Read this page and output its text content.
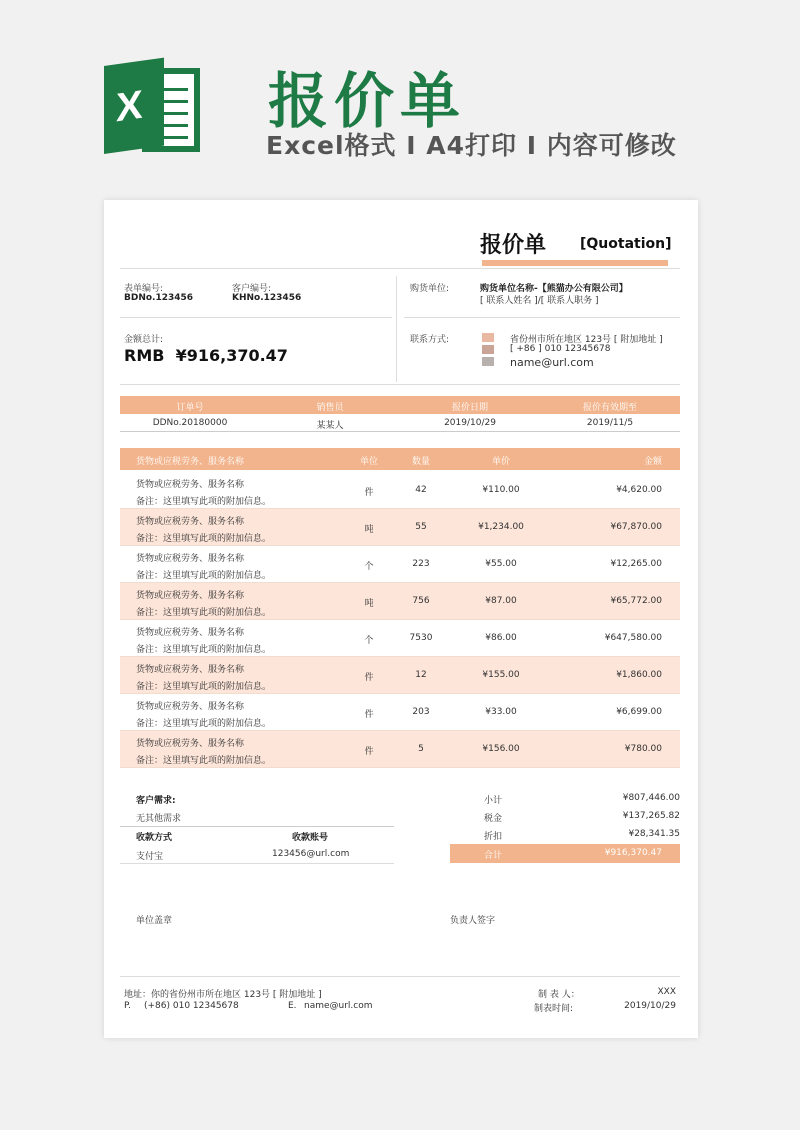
X 报价单
Excel格式 I A4打印 I 内容可修改
报价单 [Quotation]
表单编号:
BDNo.123456
客户编号:
KHNo.123456
金额总计:
RMB ¥916,370.47
购货单位:	购货单位名称-【熊猫办公有限公司】
[ 联系人姓名 ]/[ 联系人职务 ]
联系方式:	省份州市所在地区 123号 [ 附加地址 ]
[ +86 ] 010 12345678
name@url.com
订单号	销售员	报价日期	报价有效期至
DDNo.20180000	某某人	2019/10/29	2019/11/5
货物或应税劳务、服务名称	单位	数量	单价	金额
货物或应税劳务、服务名称
备注：这里填写此项的附加信息。
件	42	¥110.00	¥4,620.00
货物或应税劳务、服务名称
备注：这里填写此项的附加信息。
吨	55	¥1,234.00	¥67,870.00
货物或应税劳务、服务名称
备注：这里填写此项的附加信息。
个	223	¥55.00	¥12,265.00
货物或应税劳务、服务名称
备注：这里填写此项的附加信息。
吨	756	¥87.00	¥65,772.00
货物或应税劳务、服务名称
备注：这里填写此项的附加信息。
个	7530	¥86.00	¥647,580.00
货物或应税劳务、服务名称
备注：这里填写此项的附加信息。
件	12	¥155.00	¥1,860.00
货物或应税劳务、服务名称
备注：这里填写此项的附加信息。
件	203	¥33.00	¥6,699.00
货物或应税劳务、服务名称
备注：这里填写此项的附加信息。
件	5	¥156.00	¥780.00
客户需求:
无其他需求
收款方式	收款账号
支付宝	123456@url.com
小计	¥807,446.00
税金	¥137,265.82
折扣	¥28,341.35
合计	¥916,370.47
单位盖章	负责人签字
地址：你的省份州市所在地区 123号 [ 附加地址 ]
P. (+86) 010 12345678	E. name@url.com
制 表 人：	XXX
制表时间:	2019/10/29
